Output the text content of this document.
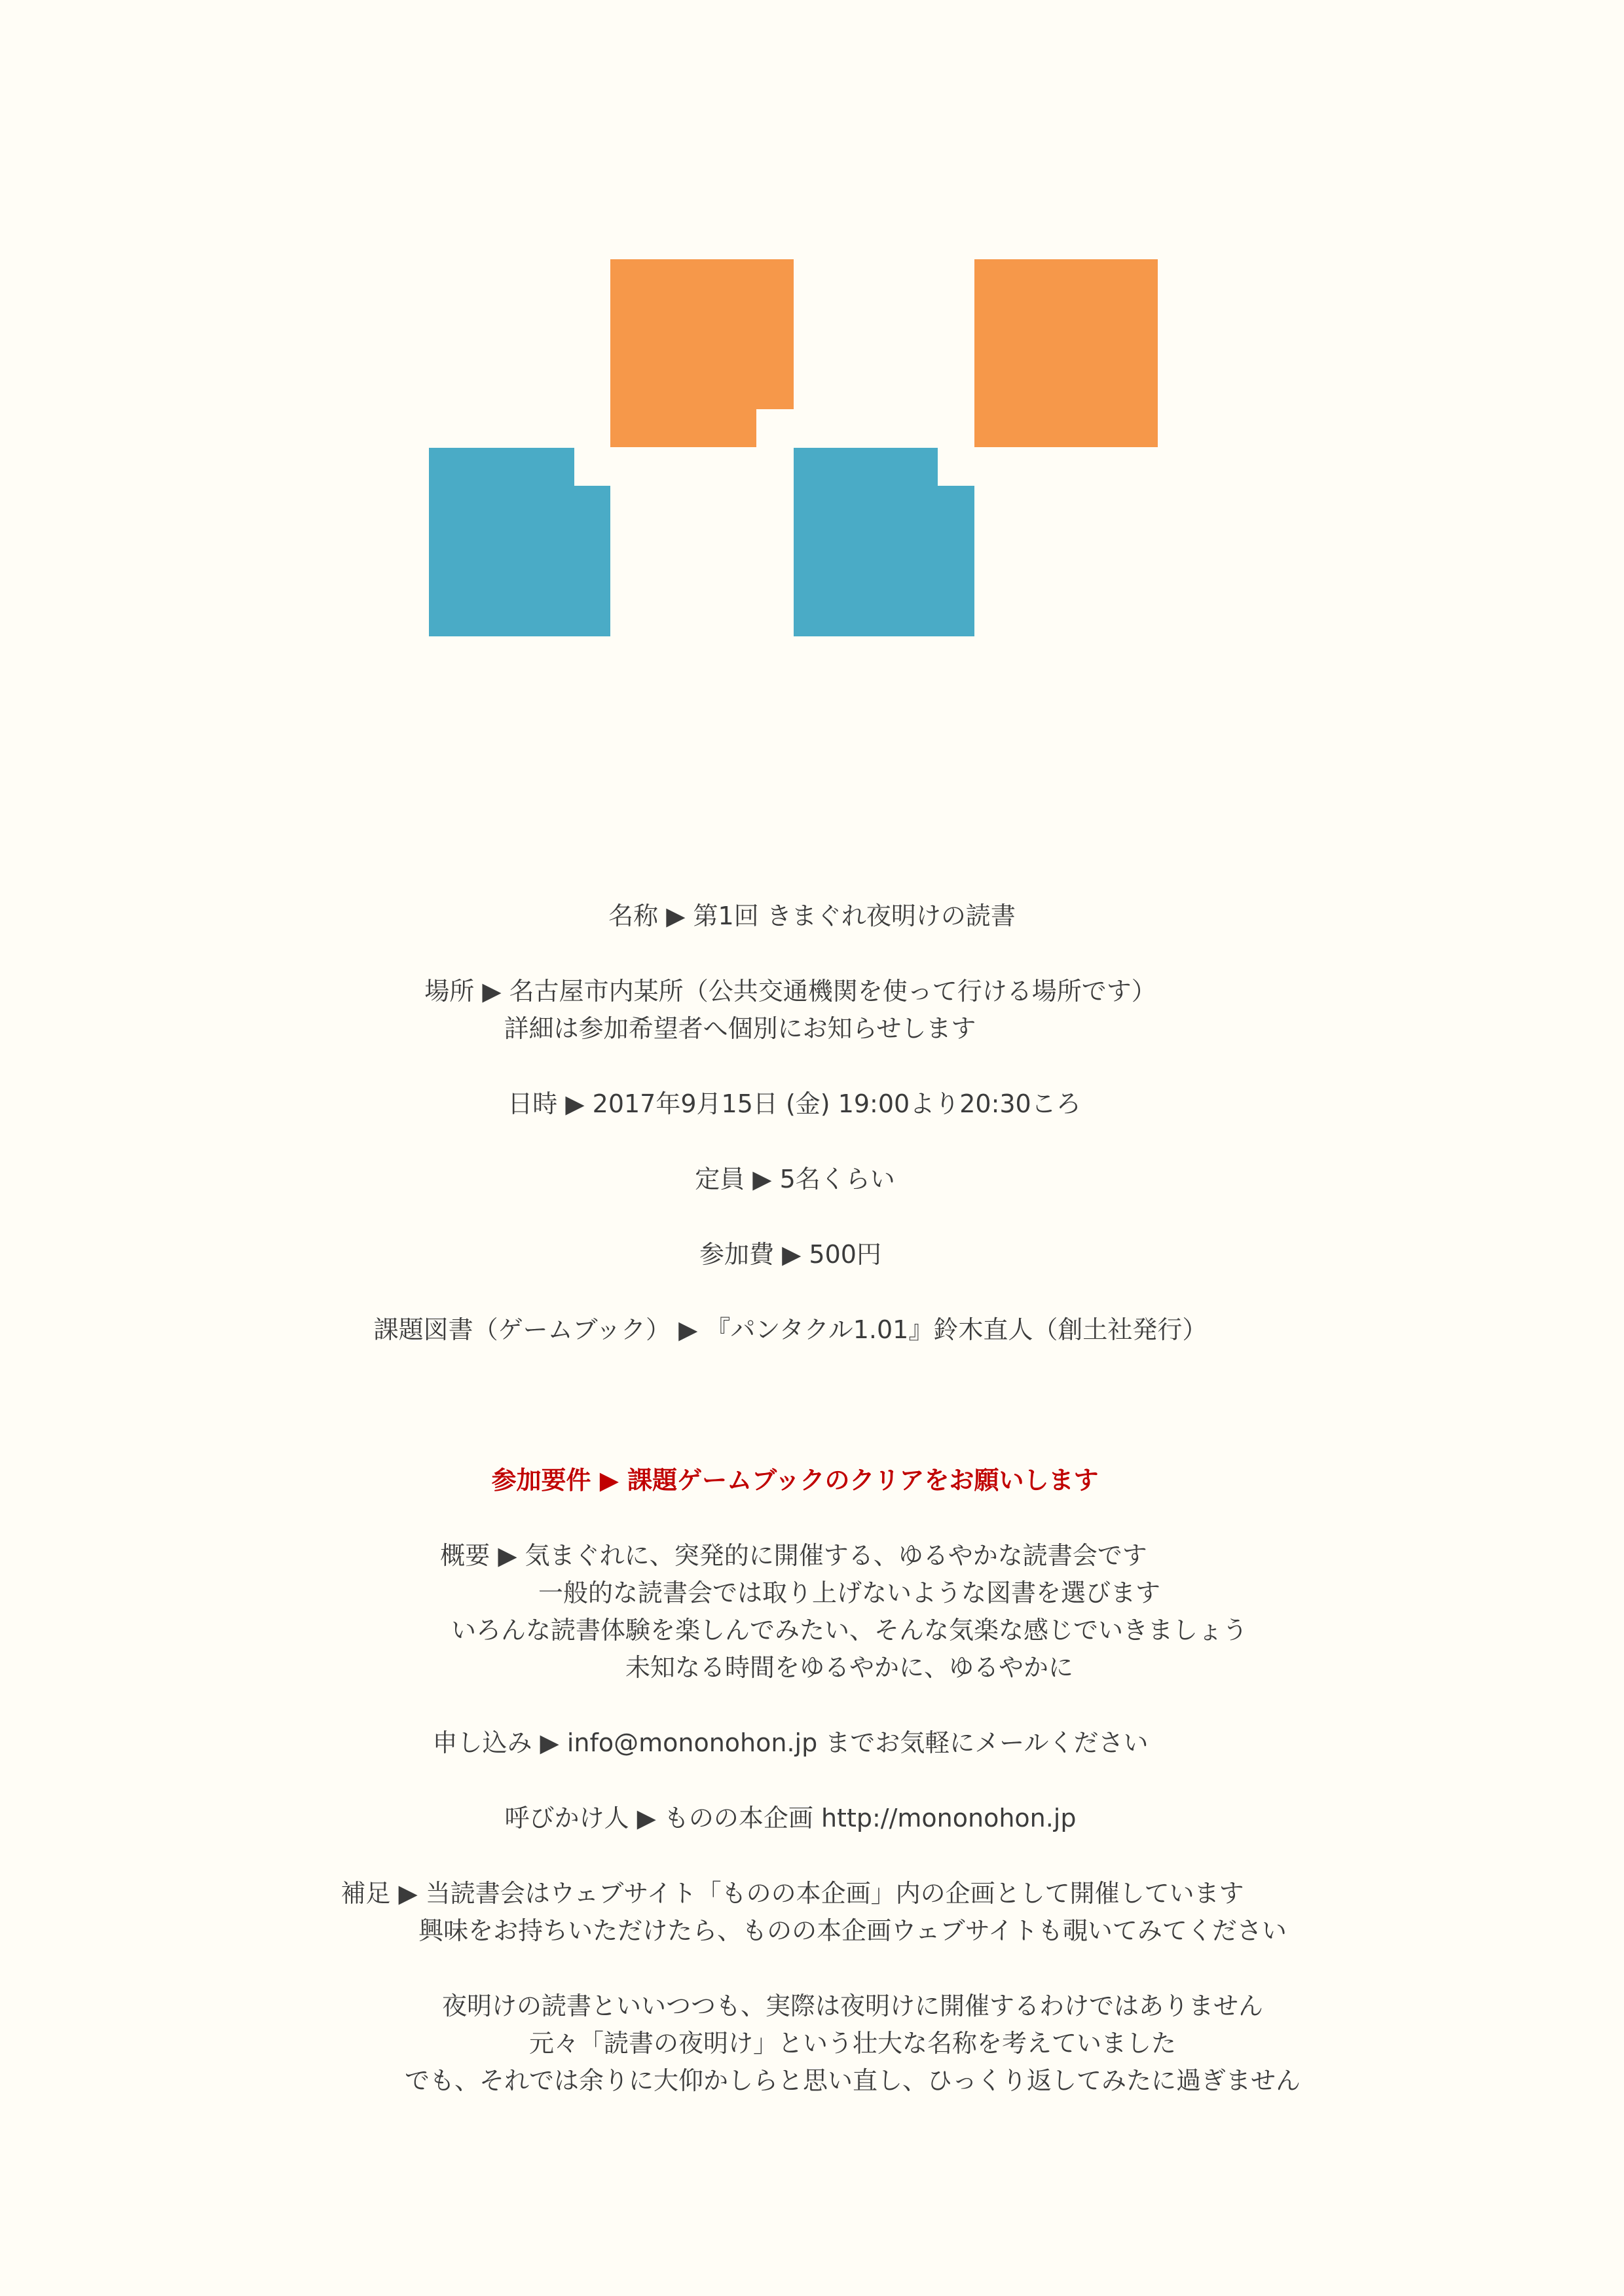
名称 ▶ 第1回 きまぐれ夜明けの読書
場所 ▶ 名古屋市内某所（公共交通機関を使って行ける場所です）
詳細は参加希望者へ個別にお知らせします
日時 ▶ 2017年9月15日 (金) 19:00より20:30ころ
定員 ▶ 5名くらい
参加費 ▶ 500円
課題図書（ゲームブック） ▶ 『パンタクル1.01』鈴木直人（創土社発行）
参加要件 ▶ 課題ゲームブックのクリアをお願いします
概要 ▶ 気まぐれに、突発的に開催する、ゆるやかな読書会です
一般的な読書会では取り上げないような図書を選びます
いろんな読書体験を楽しんでみたい、そんな気楽な感じでいきましょう
未知なる時間をゆるやかに、ゆるやかに
申し込み ▶ info@mononohon.jp までお気軽にメールください
呼びかけ人 ▶ ものの本企画 http://mononohon.jp
補足 ▶ 当読書会はウェブサイト「ものの本企画」内の企画として開催しています
興味をお持ちいただけたら、ものの本企画ウェブサイトも覗いてみてください
夜明けの読書といいつつも、実際は夜明けに開催するわけではありません
元々「読書の夜明け」という壮大な名称を考えていました
でも、それでは余りに大仰かしらと思い直し、ひっくり返してみたに過ぎません
